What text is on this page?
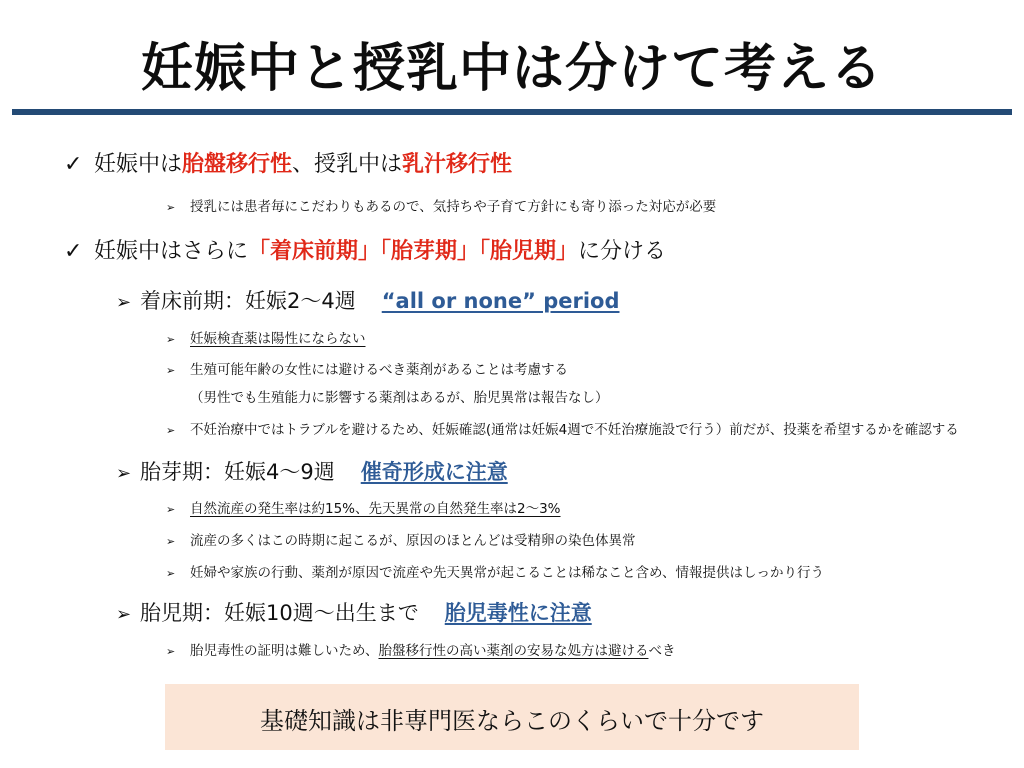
妊娠中と授乳中は分けて考える
✓ 妊娠中は胎盤移行性、授乳中は乳汁移行性
➢ 授乳には患者毎にこだわりもあるので、気持ちや子育て方針にも寄り添った対応が必要
✓ 妊娠中はさらに「着床前期」「胎芽期」「胎児期」に分ける
➢ 着床前期：妊娠2～4週 “all or none” period
➢ 妊娠検査薬は陽性にならない
➢ 生殖可能年齢の女性には避けるべき薬剤があることは考慮する
（男性でも生殖能力に影響する薬剤はあるが、胎児異常は報告なし）
➢ 不妊治療中ではトラブルを避けるため、妊娠確認(通常は妊娠4週で不妊治療施設で行う）前だが、投薬を希望するかを確認する
➢ 胎芽期：妊娠4～9週 催奇形成に注意
➢ 自然流産の発生率は約15%、先天異常の自然発生率は2～3%
➢ 流産の多くはこの時期に起こるが、原因のほとんどは受精卵の染色体異常
➢ 妊婦や家族の行動、薬剤が原因で流産や先天異常が起こることは稀なこと含め、情報提供はしっかり行う
➢ 胎児期：妊娠10週～出生まで 胎児毒性に注意
➢ 胎児毒性の証明は難しいため、胎盤移行性の高い薬剤の安易な処方は避けるべき
基礎知識は非専門医ならこのくらいで十分です
